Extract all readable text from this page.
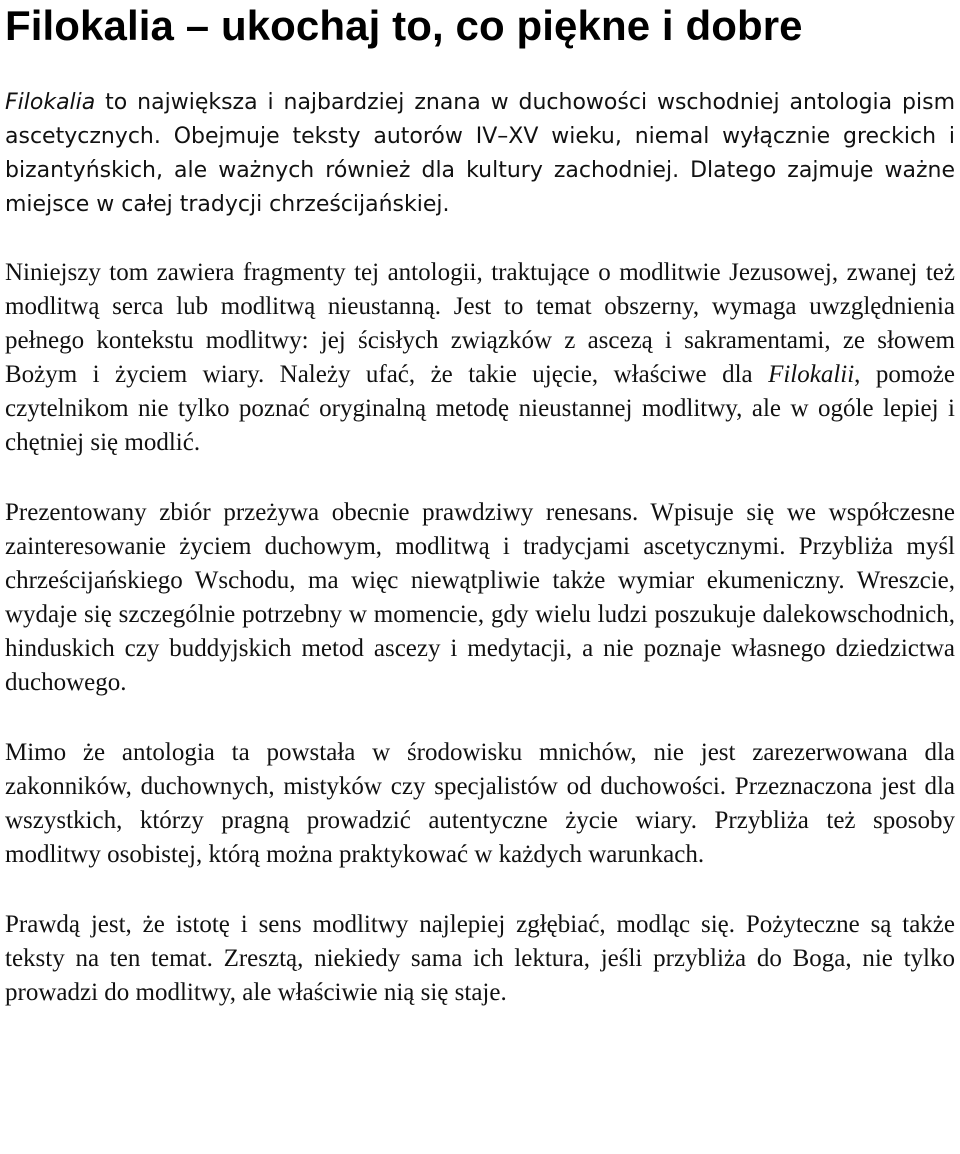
Filokalia – ukochaj to, co piękne i dobre

Filokalia to największa i najbardziej znana w duchowości wschodniej antologia pism ascetycznych. Obejmuje teksty autorów IV–XV wieku, niemal wyłącznie greckich i bizantyńskich, ale ważnych również dla kultury zachodniej. Dlatego zajmuje ważne miejsce w całej tradycji chrześcijańskiej.

Niniejszy tom zawiera fragmenty tej antologii, traktujące o modlitwie Jezusowej, zwanej też modlitwą serca lub modlitwą nieustanną. Jest to temat obszerny, wymaga uwzględnienia pełnego kontekstu modlitwy: jej ścisłych związków z ascezą i sakramentami, ze słowem Bożym i życiem wiary. Należy ufać, że takie ujęcie, właściwe dla Filokalii, pomoże czytelnikom nie tylko poznać oryginalną metodę nieustannej modlitwy, ale w ogóle lepiej i chętniej się modlić.

Prezentowany zbiór przeżywa obecnie prawdziwy renesans. Wpisuje się we współczesne zainteresowanie życiem duchowym, modlitwą i tradycjami ascetycznymi. Przybliża myśl chrześcijańskiego Wschodu, ma więc niewątpliwie także wymiar ekumeniczny. Wreszcie, wydaje się szczególnie potrzebny w momencie, gdy wielu ludzi poszukuje dalekowschodnich, hinduskich czy buddyjskich metod ascezy i medytacji, a nie poznaje własnego dziedzictwa duchowego.

Mimo że antologia ta powstała w środowisku mnichów, nie jest zarezerwowana dla zakonników, duchownych, mistyków czy specjalistów od duchowości. Przeznaczona jest dla wszystkich, którzy pragną prowadzić autentyczne życie wiary. Przybliża też sposoby modlitwy osobistej, którą można praktykować w każdych warunkach.

Prawdą jest, że istotę i sens modlitwy najlepiej zgłębiać, modląc się. Pożyteczne są także teksty na ten temat. Zresztą, niekiedy sama ich lektura, jeśli przybliża do Boga, nie tylko prowadzi do modlitwy, ale właściwie nią się staje.
